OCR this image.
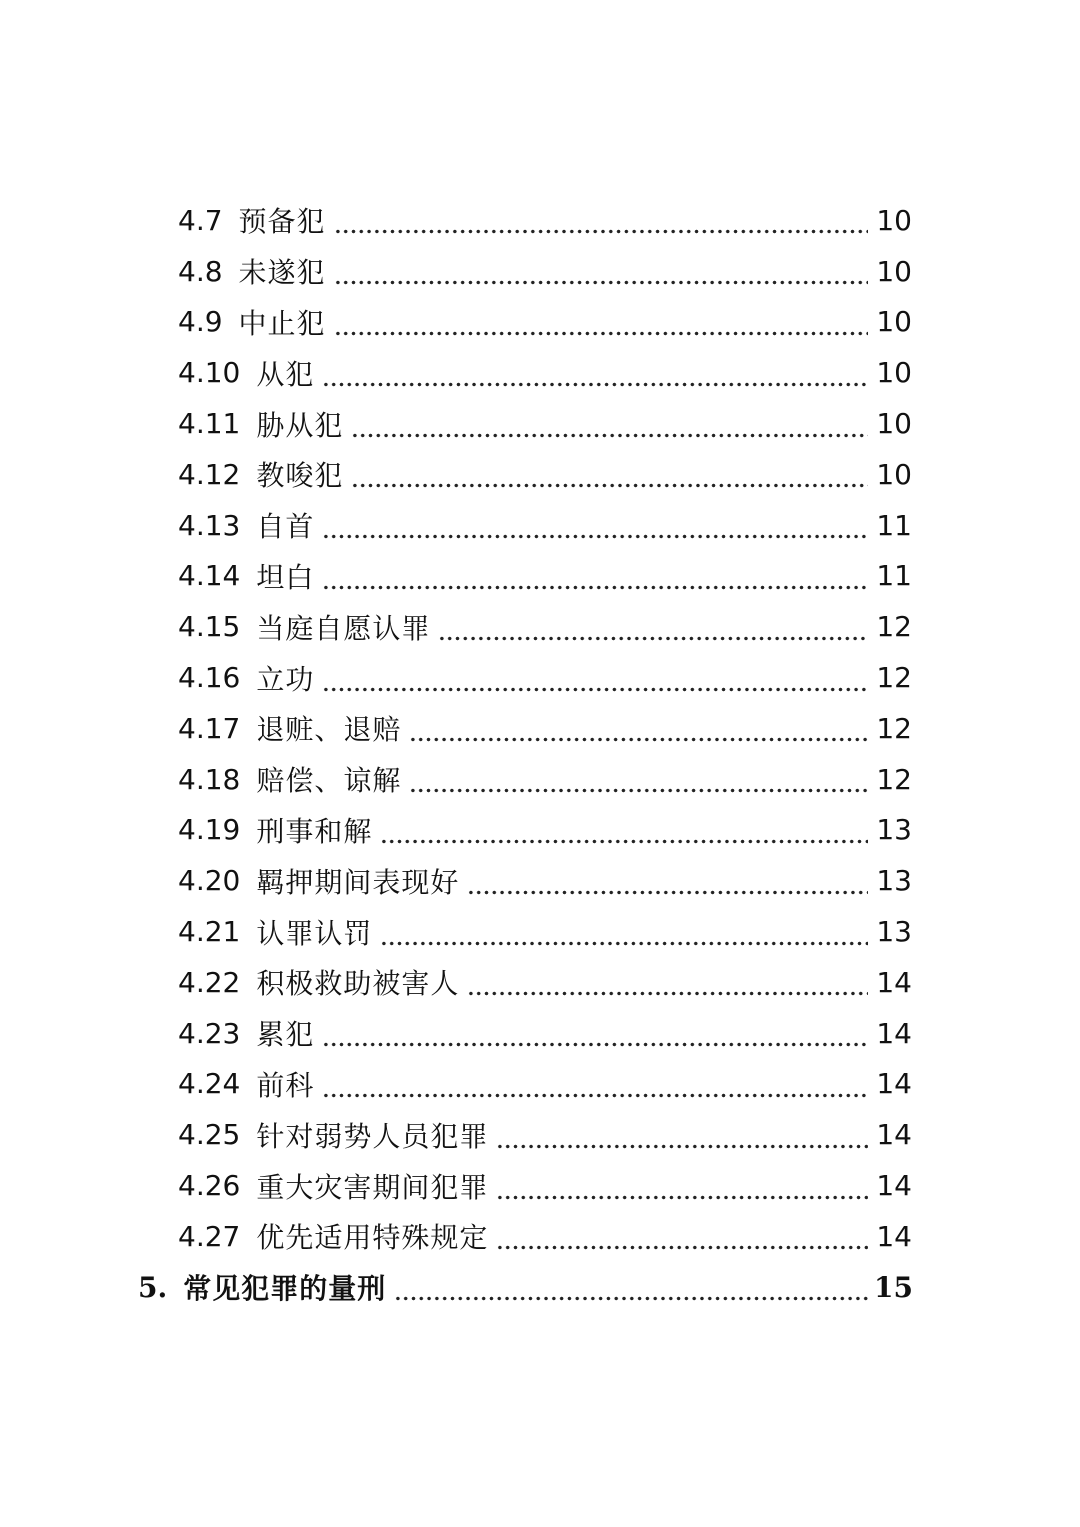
4.7 预备犯	10
4.8 未遂犯	10
4.9 中止犯	10
4.10 从犯	10
4.11 胁从犯	10
4.12 教唆犯	10
4.13 自首	11
4.14 坦白	11
4.15 当庭自愿认罪	12
4.16 立功	12
4.17 退赃、退赔	12
4.18 赔偿、谅解	12
4.19 刑事和解	13
4.20 羁押期间表现好	13
4.21 认罪认罚	13
4.22 积极救助被害人	14
4.23 累犯	14
4.24 前科	14
4.25 针对弱势人员犯罪	14
4.26 重大灾害期间犯罪	14
4.27 优先适用特殊规定	14
5. 常见犯罪的量刑	15
